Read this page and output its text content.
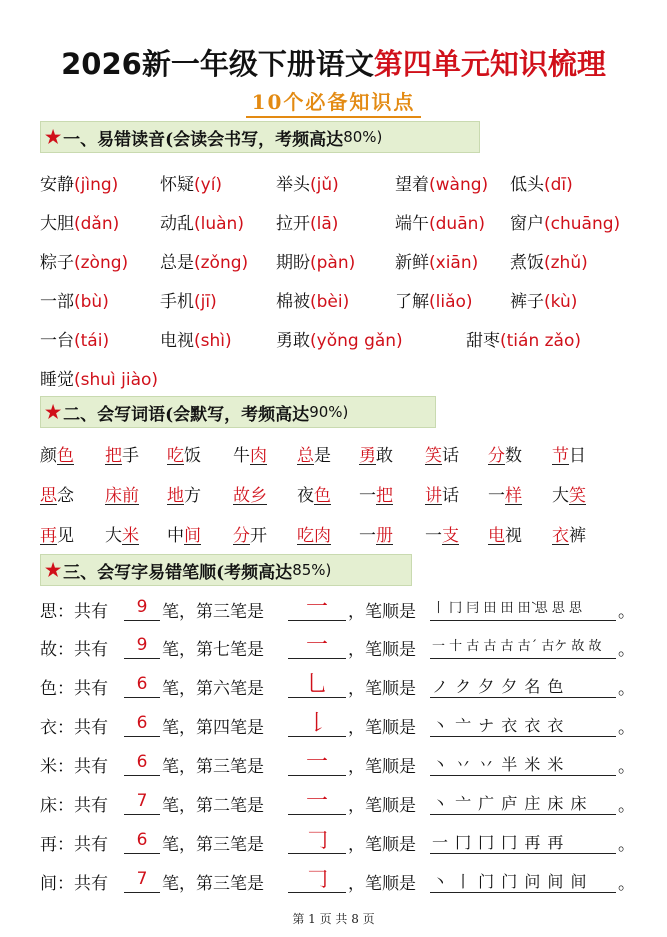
2026新一年级下册语文第四单元知识梳理
10个必备知识点
★ 一、易错读音(会读会书写，考频高达 80%)
安静(jìng) 怀疑(yí)	举头(jǔ)	望着(wàng) 低头(dī)
大胆(dǎn) 动乱(luàn) 拉开(lā)	端午(duān) 窗户(chuāng)
粽子(zòng) 总是(zǒng) 期盼(pàn) 新鲜(xiān) 煮饭(zhǔ)
一部(bù)	手机(jī)	棉被(bèi)	了解(liǎo) 裤子(kù)
一台(tái)	电视(shì)	勇敢(yǒng gǎn)	甜枣(tián zǎo)
睡觉(shuì jiào)
★ 二、会写词语(会默写，考频高达 90%)
颜色 把手 吃饭 牛肉 总是 勇敢 笑话 分数 节日
思念 床前 地方 故乡 夜色 一把 讲话 一样 大笑
再见 大米 中间 分开 吃肉 一册 一支 电视 衣裤
★ 三、会写字易错笔顺(考频高达 85%)
思：共有	9 笔，第三笔是	一	，笔顺是 丨 冂 冃 田 田 田̀ 思 思 思	。
故：共有	9 笔，第七笔是	一	，笔顺是 一 十 古 古 古 古ˊ 古ケ 故 故 。
色：共有	6 笔，第六笔是	乚	，笔顺是 ノ ク 夕 夕 名 色	。
衣：共有	6 笔，第四笔是	𠄌	，笔顺是 丶 亠 ナ 衣 衣 衣	。
米：共有	6 笔，第三笔是	一	，笔顺是 丶 丷 丷 半 米 米	。
床：共有	7 笔，第二笔是	一	，笔顺是 丶 亠 广 庐 庄 床 床	。
再：共有	6 笔，第三笔是	𠃌	，笔顺是 一 冂 冂 冂 再 再	。
间：共有	7 笔，第三笔是	𠃌	，笔顺是 丶 丨 门 门 问 间 间	。
第 1 页 共 8 页
